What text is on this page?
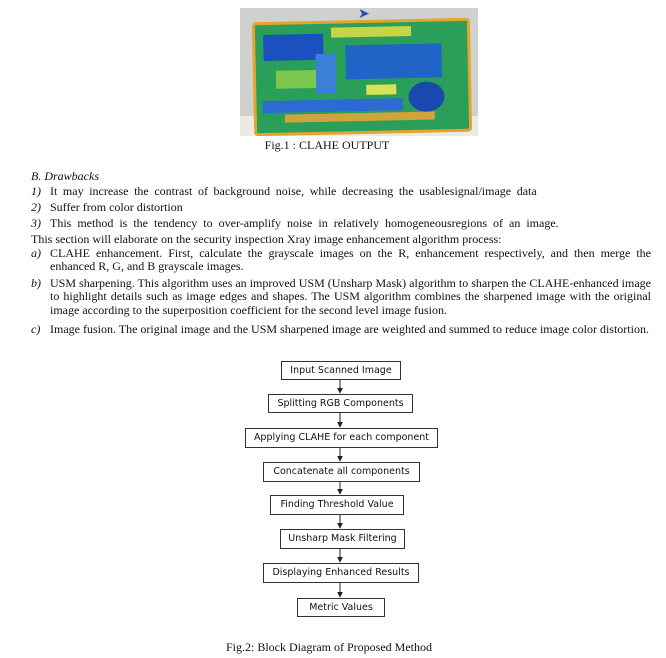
➤
Fig.1 : CLAHE OUTPUT
B. Drawbacks
1) It may increase the contrast of background noise, while decreasing the usablesignal/image data
2) Suffer from color distortion
3) This method is the tendency to over-amplify noise in relatively homogeneousregions of an image.
This section will elaborate on the security inspection Xray image enhancement algorithm process:
a) CLAHE enhancement. First, calculate the grayscale images on the R, enhancement respectively, and then merge the enhanced R, G, and B grayscale images.
b) USM sharpening. This algorithm uses an improved USM (Unsharp Mask) algorithm to sharpen the CLAHE-enhanced image to highlight details such as image edges and shapes. The USM algorithm combines the sharpened image with the original image according to the superposition coefficient for the second level image fusion.
c) Image fusion. The original image and the USM sharpened image are weighted and summed to reduce image color distortion.
Input Scanned Image
Splitting RGB Components
Applying CLAHE for each component
Concatenate all components
Finding Threshold Value
Unsharp Mask Filtering
Displaying Enhanced Results
Metric Values
Fig.2: Block Diagram of Proposed Method
